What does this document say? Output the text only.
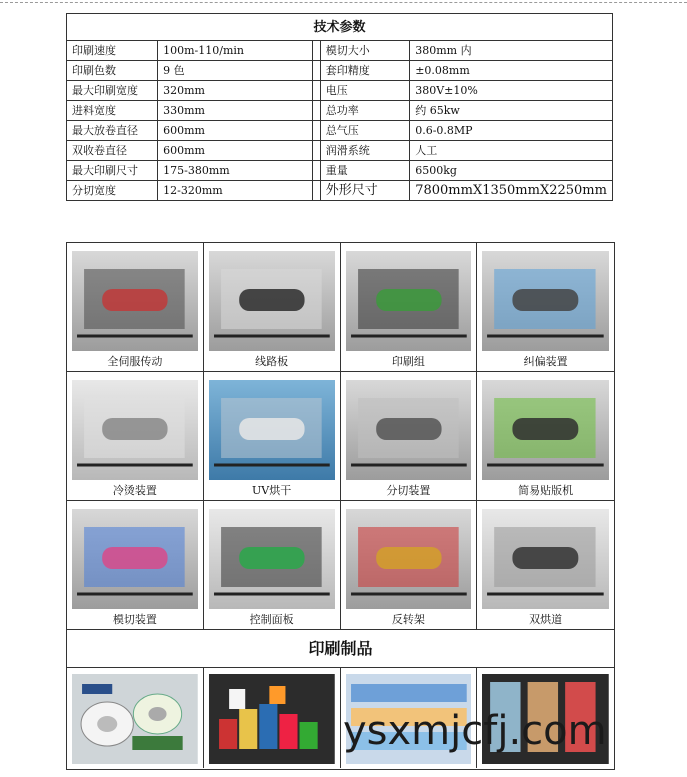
技术参数				
印刷速度	100m-110/min		模切大小	380mm 内
印刷色数	9 色		套印精度	±0.08mm
最大印刷宽度	320mm		电压	380V±10%
进料宽度	330mm		总功率	约 65kw
最大放卷直径	600mm		总气压	0.6-0.8MP
双收卷直径	600mm		润滑系统	人工
最大印刷尺寸	175-380mm		重量	6500kg
分切宽度	12-320mm		外形尺寸	7800mmX1350mmX2250mm
全伺服传动	线路板	印刷组	纠偏装置
冷烫装置	UV烘干	分切装置	简易贴版机
模切装置	控制面板	反转架	双烘道
印刷制品
ysxmjcfj.com
